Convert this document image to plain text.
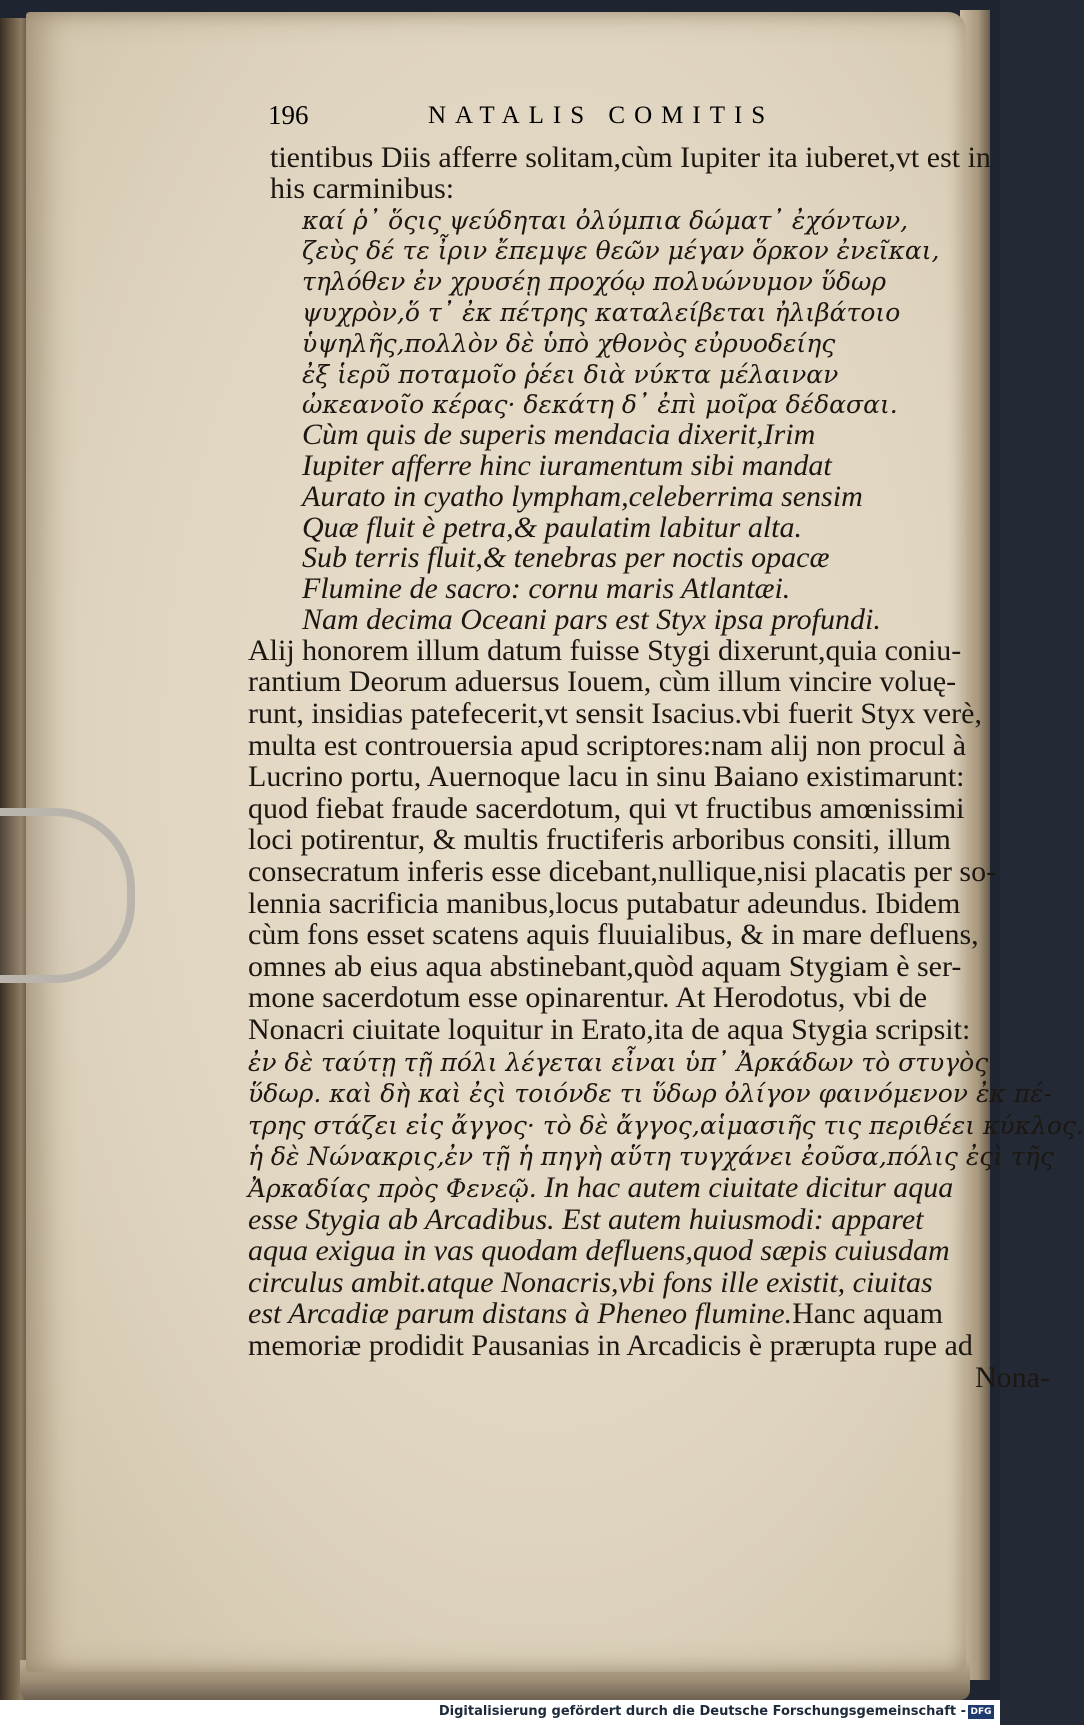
196	NATALIS COMITIS
tientibus Diis afferre solitam,cùm Iupiter ita iuberet,vt est in
his carminibus:
καί ῥ᾽ ὅςις ψεύδηται ὀλύμπια δώματ᾽ ἐχόντων,
ζεὺς δέ τε ἶριν ἔπεμψε θεῶν μέγαν ὅρκον ἐνεῖκαι,
τηλόθεν ἐν χρυσέῃ προχόῳ πολυώνυμον ὕδωρ
ψυχρὸν,ὅ τ᾽ ἐκ πέτρης καταλείβεται ἠλιβάτοιο
ὑψηλῆς,πολλὸν δὲ ὑπὸ χθονὸς εὐρυοδείης
ἐξ ἱερῦ ποταμοῖο ῥέει διὰ νύκτα μέλαιναν
ὠκεανοῖο κέρας· δεκάτη δ᾽ ἐπὶ μοῖρα δέδασαι.
Cùm quis de superis mendacia dixerit,Irim
Iupiter afferre hinc iuramentum sibi mandat
Aurato in cyatho lympham,celeberrima sensim
Quæ fluit è petra,& paulatim labitur alta.
Sub terris fluit,& tenebras per noctis opacæ
Flumine de sacro: cornu maris Atlantæi.
Nam decima Oceani pars est Styx ipsa profundi.
Alij honorem illum datum fuisse Stygi dixerunt,quia coniu-
rantium Deorum aduersus Iouem, cùm illum vincire voluę-
runt, insidias patefecerit,vt sensit Isacius.vbi fuerit Styx verè,
multa est controuersia apud scriptores:nam alij non procul à
Lucrino portu, Auernoque lacu in sinu Baiano existimarunt:
quod fiebat fraude sacerdotum, qui vt fructibus amœnissimi
loci potirentur, & multis fructiferis arboribus consiti, illum
consecratum inferis esse dicebant,nullique,nisi placatis per so-
lennia sacrificia manibus,locus putabatur adeundus. Ibidem
cùm fons esset scatens aquis fluuialibus, & in mare defluens,
omnes ab eius aqua abstinebant,quòd aquam Stygiam è ser-
mone sacerdotum esse opinarentur. At Herodotus, vbi de
Nonacri ciuitate loquitur in Erato,ita de aqua Stygia scripsit:
ἐν δὲ ταύτῃ τῇ πόλι λέγεται εἶναι ὑπ᾽ Ἀρκάδων τὸ στυγὸς
ὕδωρ. καὶ δὴ καὶ ἐςὶ τοιόνδε τι ὕδωρ ὀλίγον φαινόμενον ἐκ πέ-
τρης στάζει εἰς ἄγγος· τὸ δὲ ἄγγος,αἱμασιῆς τις περιθέει κύκλος.
ἡ δὲ Νώνακρις,ἐν τῇ ἡ πηγὴ αὕτη τυγχάνει ἐοῦσα,πόλις ἐςὶ τῆς
Ἀρκαδίας πρὸς Φενεῷ. In hac autem ciuitate dicitur aqua
esse Stygia ab Arcadibus. Est autem huiusmodi: apparet
aqua exigua in vas quodam defluens,quod sæpis cuiusdam
circulus ambit.atque Nonacris,vbi fons ille existit, ciuitas
est Arcadiæ parum distans à Pheneo flumine.Hanc aquam
memoriæ prodidit Pausanias in Arcadicis è prærupta rupe ad
Nona-
Digitalisierung gefördert durch die Deutsche Forschungsgemeinschaft - DFG
